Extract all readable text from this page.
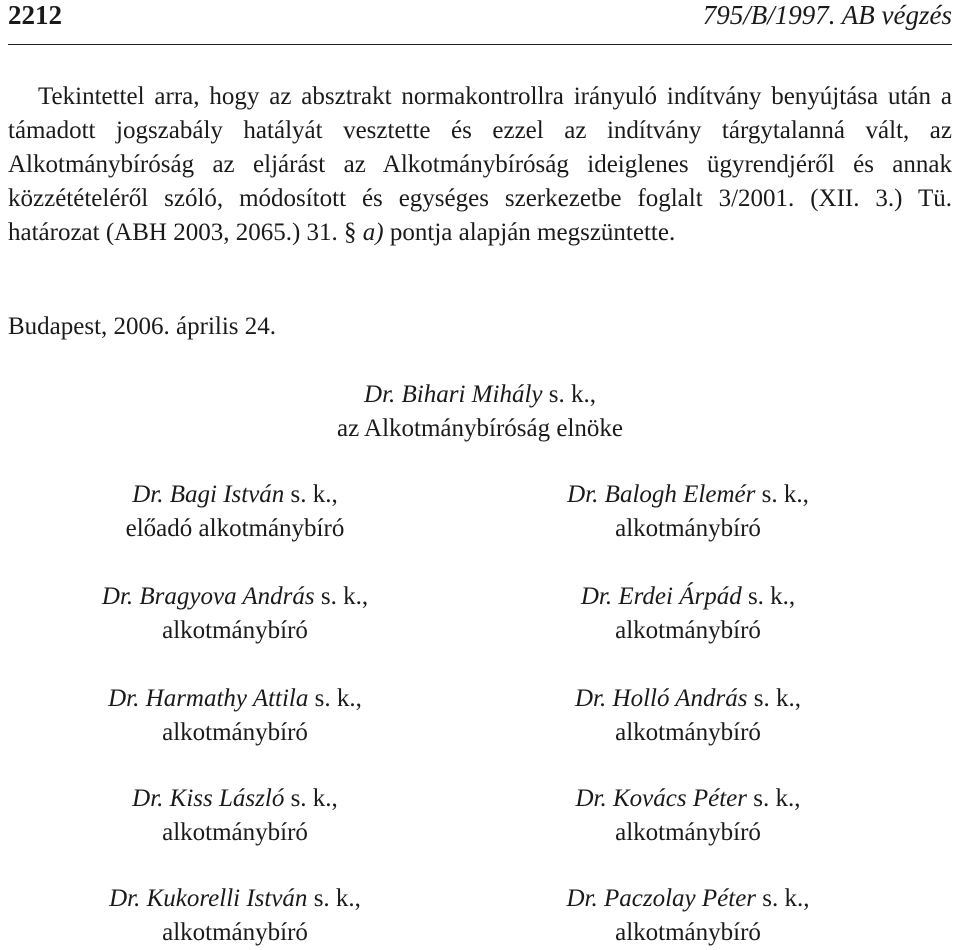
2212	795/B/1997. AB végzés

Tekintettel arra, hogy az absztrakt normakontrollra irányuló indítvány benyújtása után a támadott jogszabály hatályát vesztette és ezzel az indítvány tárgytalanná vált, az Alkotmánybíróság az eljárást az Alkotmánybíróság ideiglenes ügyrendjéről és annak közzétételéről szóló, módosított és egységes szerkezetbe foglalt 3/2001. (XII. 3.) Tü. határozat (ABH 2003, 2065.) 31. § a) pontja alapján megszüntette.

Budapest, 2006. április 24.

Dr. Bihari Mihály s. k.,
az Alkotmánybíróság elnöke
Dr. Bagi István s. k.,
előadó alkotmánybíró
Dr. Bragyova András s. k.,
alkotmánybíró
Dr. Harmathy Attila s. k.,
alkotmánybíró
Dr. Kiss László s. k.,
alkotmánybíró
Dr. Kukorelli István s. k.,
alkotmánybíró
Dr. Balogh Elemér s. k.,
alkotmánybíró
Dr. Erdei Árpád s. k.,
alkotmánybíró
Dr. Holló András s. k.,
alkotmánybíró
Dr. Kovács Péter s. k.,
alkotmánybíró
Dr. Paczolay Péter s. k.,
alkotmánybíró
